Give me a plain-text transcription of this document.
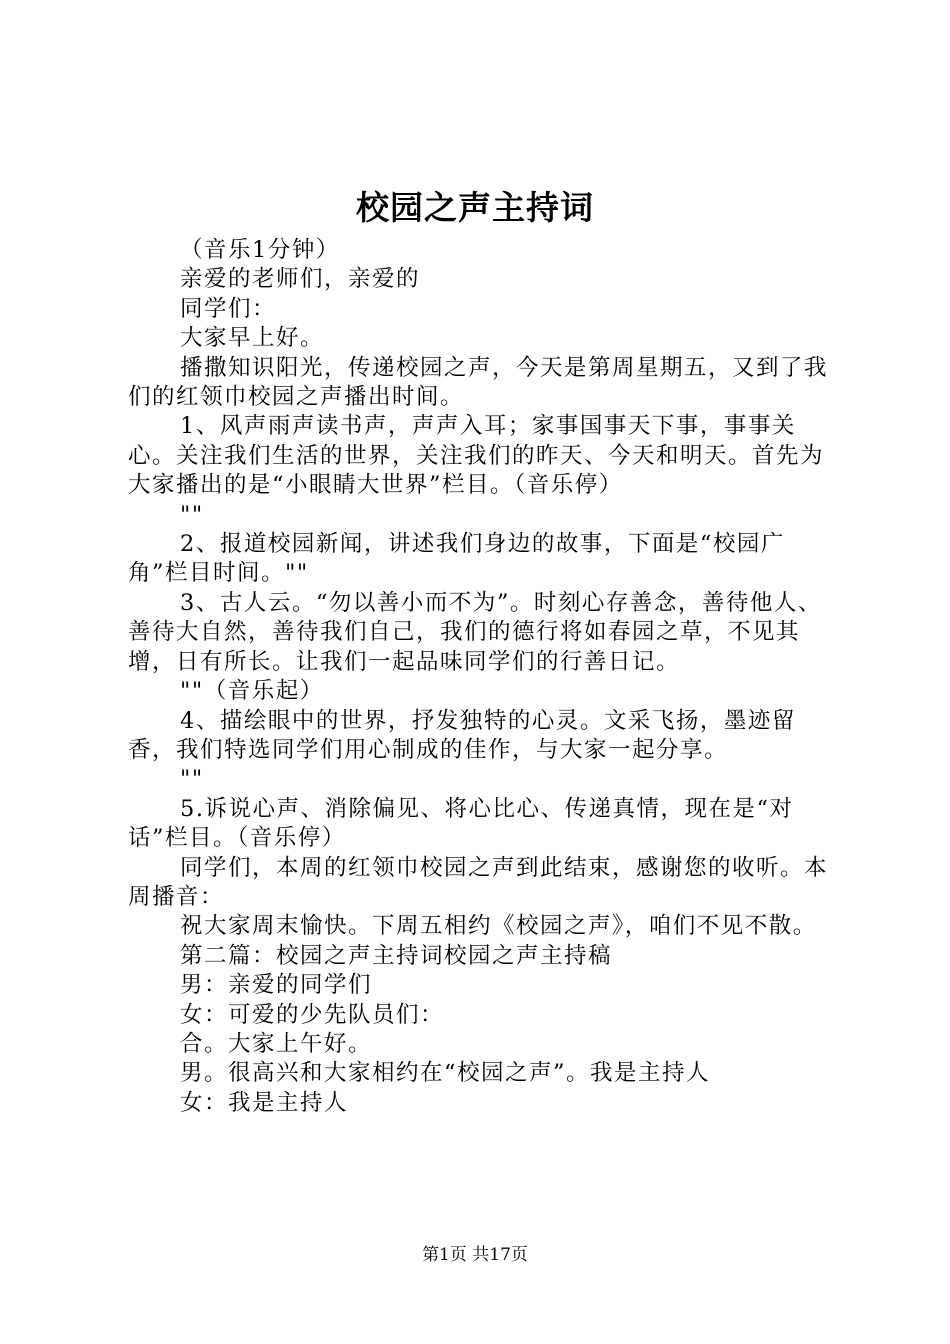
校园之声主持词

（音乐1分钟）

亲爱的老师们，亲爱的

同学们：

大家早上好。

播撒知识阳光，传递校园之声，今天是第周星期五，又到了我们的红领巾校园之声播出时间。

1、风声雨声读书声，声声入耳；家事国事天下事，事事关心。关注我们生活的世界，关注我们的昨天、今天和明天。首先为大家播出的是“小眼睛大世界”栏目。（音乐停）

""

2、报道校园新闻，讲述我们身边的故事，下面是“校园广角”栏目时间。""

3、古人云。“勿以善小而不为”。时刻心存善念，善待他人、善待大自然，善待我们自己，我们的德行将如春园之草，不见其增，日有所长。让我们一起品味同学们的行善日记。

""（音乐起）

4、描绘眼中的世界，抒发独特的心灵。文采飞扬，墨迹留香，我们特选同学们用心制成的佳作，与大家一起分享。

""

5.诉说心声、消除偏见、将心比心、传递真情，现在是“对话”栏目。（音乐停）

同学们，本周的红领巾校园之声到此结束，感谢您的收听。本周播音：

祝大家周末愉快。下周五相约《校园之声》，咱们不见不散。

第二篇：校园之声主持词校园之声主持稿

男：亲爱的同学们

女：可爱的少先队员们：

合。大家上午好。

男。很高兴和大家相约在“校园之声”。我是主持人

女：我是主持人

第1页 共17页
